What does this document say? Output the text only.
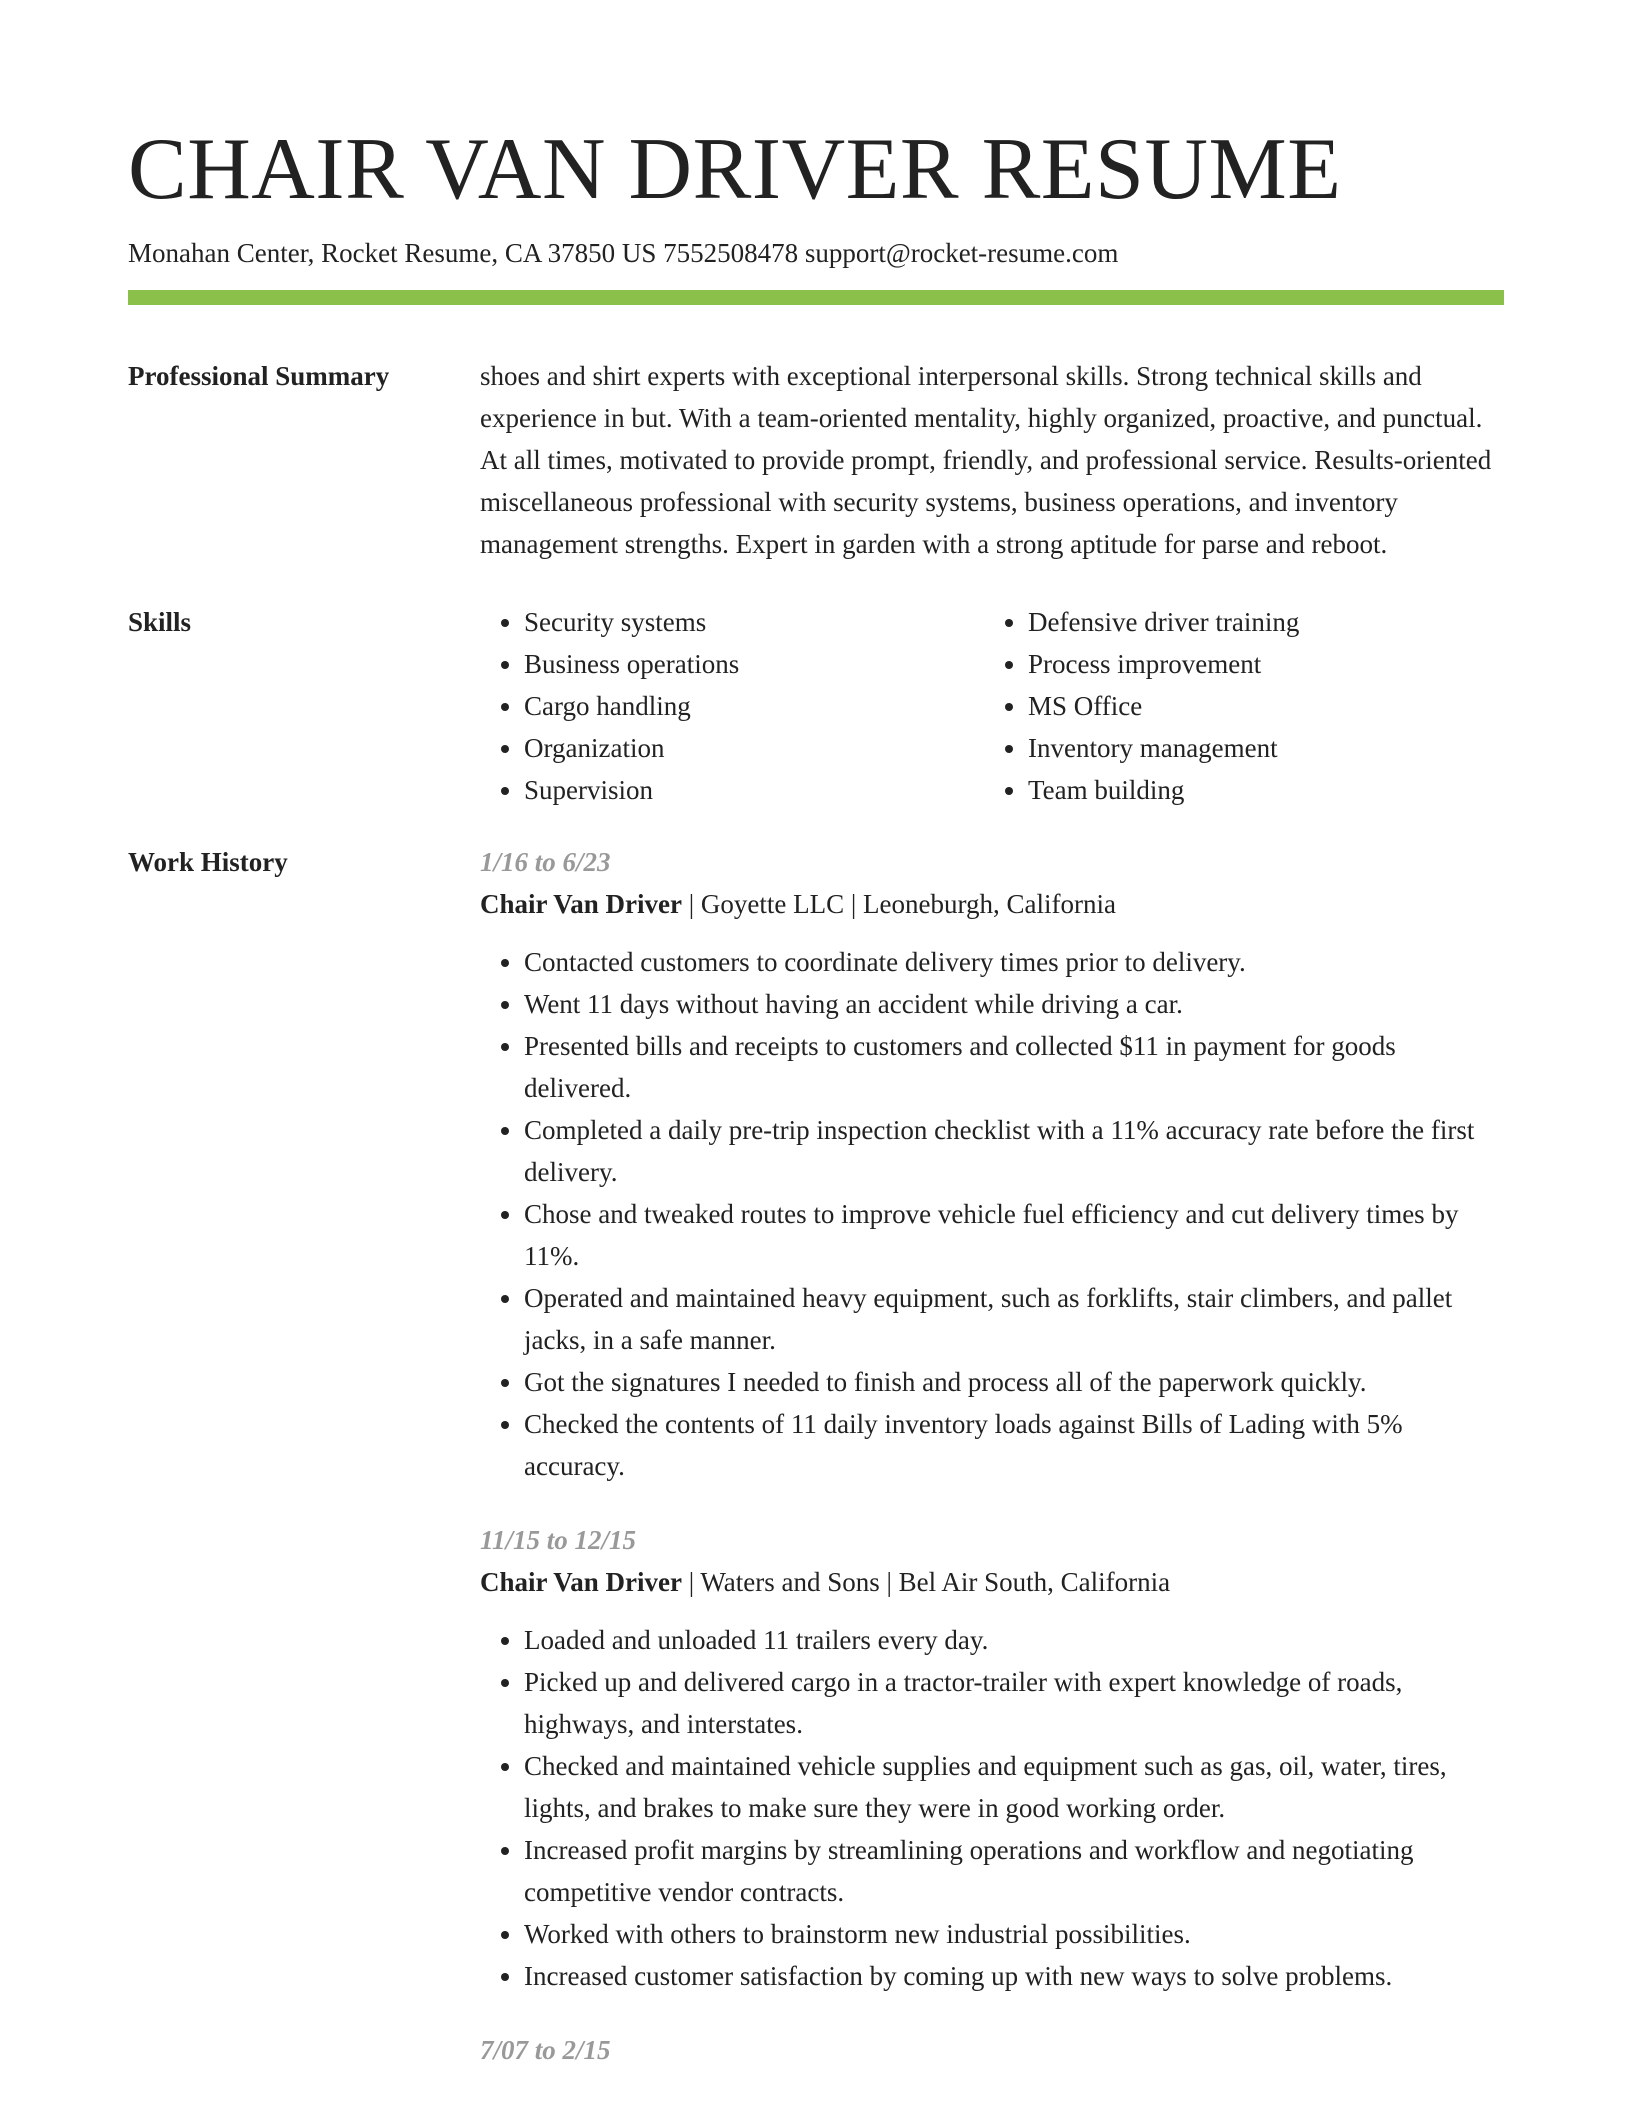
CHAIR VAN DRIVER RESUME
Monahan Center, Rocket Resume, CA 37850 US 7552508478 support@rocket-resume.com
Professional Summary	shoes and shirt experts with exceptional interpersonal skills. Strong technical skills and experience in but. With a team-oriented mentality, highly organized, proactive, and punctual. At all times, motivated to provide prompt, friendly, and professional service. Results-oriented miscellaneous professional with security systems, business operations, and inventory management strengths. Expert in garden with a strong aptitude for parse and reboot.

Skills
•	Security systems
• Business operations
• Cargo handling
• Organization
• Supervision
• Defensive driver training
• Process improvement
• MS Office
• Inventory management
• Team building
Work History	1/16 to 6/23
Chair Van Driver | Goyette LLC | Leoneburgh, California
• Contacted customers to coordinate delivery times prior to delivery.
• Went 11 days without having an accident while driving a car.
• Presented bills and receipts to customers and collected $11 in payment for goods delivered.
• Completed a daily pre-trip inspection checklist with a 11% accuracy rate before the first delivery.
• Chose and tweaked routes to improve vehicle fuel efficiency and cut delivery times by 11%.
• Operated and maintained heavy equipment, such as forklifts, stair climbers, and pallet jacks, in a safe manner.
• Got the signatures I needed to finish and process all of the paperwork quickly.
• Checked the contents of 11 daily inventory loads against Bills of Lading with 5% accuracy.
11/15 to 12/15
Chair Van Driver | Waters and Sons | Bel Air South, California
• Loaded and unloaded 11 trailers every day.
• Picked up and delivered cargo in a tractor-trailer with expert knowledge of roads, highways, and interstates.
• Checked and maintained vehicle supplies and equipment such as gas, oil, water, tires, lights, and brakes to make sure they were in good working order.
• Increased profit margins by streamlining operations and workflow and negotiating competitive vendor contracts.
• Worked with others to brainstorm new industrial possibilities.
• Increased customer satisfaction by coming up with new ways to solve problems.
7/07 to 2/15
